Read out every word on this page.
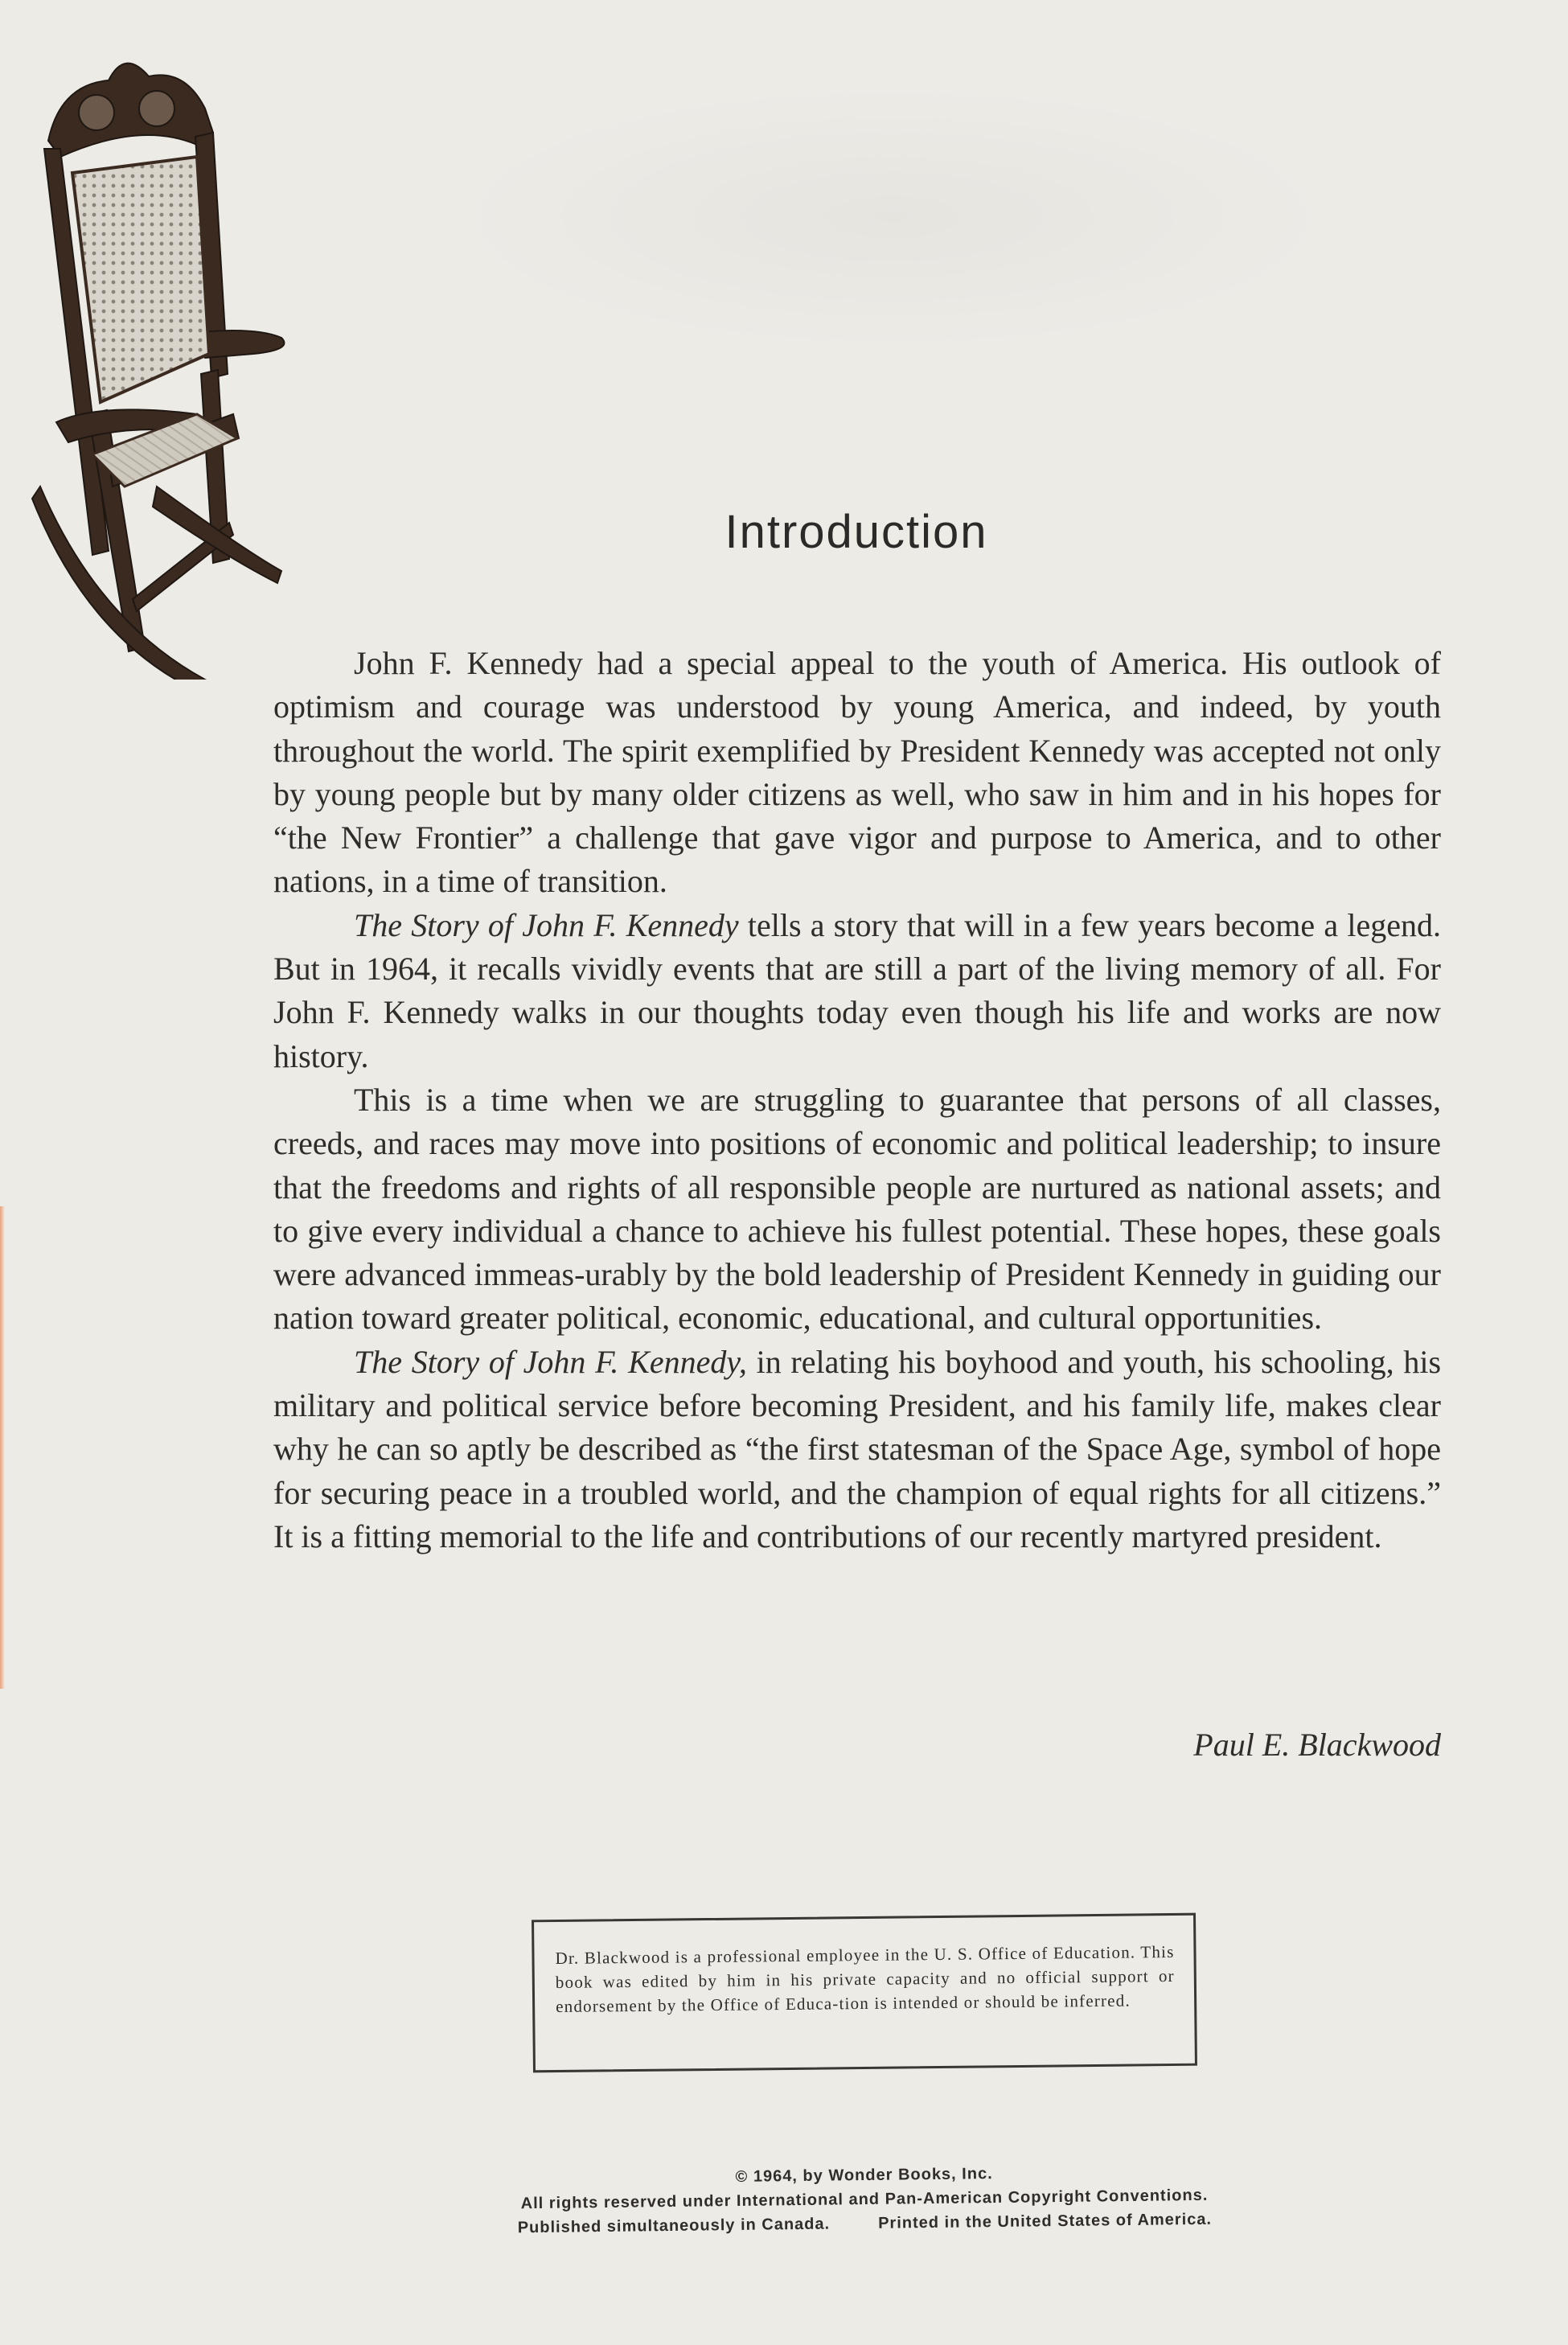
Introduction

John F. Kennedy had a special appeal to the youth of America. His outlook of optimism and courage was understood by young America, and indeed, by youth throughout the world. The spirit exemplified by President Kennedy was accepted not only by young people but by many older citizens as well, who saw in him and in his hopes for “the New Frontier” a challenge that gave vigor and purpose to America, and to other nations, in a time of transition.

The Story of John F. Kennedy tells a story that will in a few years become a legend. But in 1964, it recalls vividly events that are still a part of the living memory of all. For John F. Kennedy walks in our thoughts today even though his life and works are now history.

This is a time when we are struggling to guarantee that persons of all classes, creeds, and races may move into positions of economic and political leadership; to insure that the freedoms and rights of all responsible people are nurtured as national assets; and to give every individual a chance to achieve his fullest potential. These hopes, these goals were advanced immeas-urably by the bold leadership of President Kennedy in guiding our nation toward greater political, economic, educational, and cultural opportunities.

The Story of John F. Kennedy, in relating his boyhood and youth, his schooling, his military and political service before becoming President, and his family life, makes clear why he can so aptly be described as “the first statesman of the Space Age, symbol of hope for securing peace in a troubled world, and the champion of equal rights for all citizens.” It is a fitting memorial to the life and contributions of our recently martyred president.

Paul E. Blackwood
Dr. Blackwood is a professional employee in the U. S. Office of Education. This book was edited by him in his private capacity and no official support or endorsement by the Office of Educa-tion is intended or should be inferred.
© 1964, by Wonder Books, Inc.
All rights reserved under International and Pan-American Copyright Conventions.
Published simultaneously in Canada.	Printed in the United States of America.
